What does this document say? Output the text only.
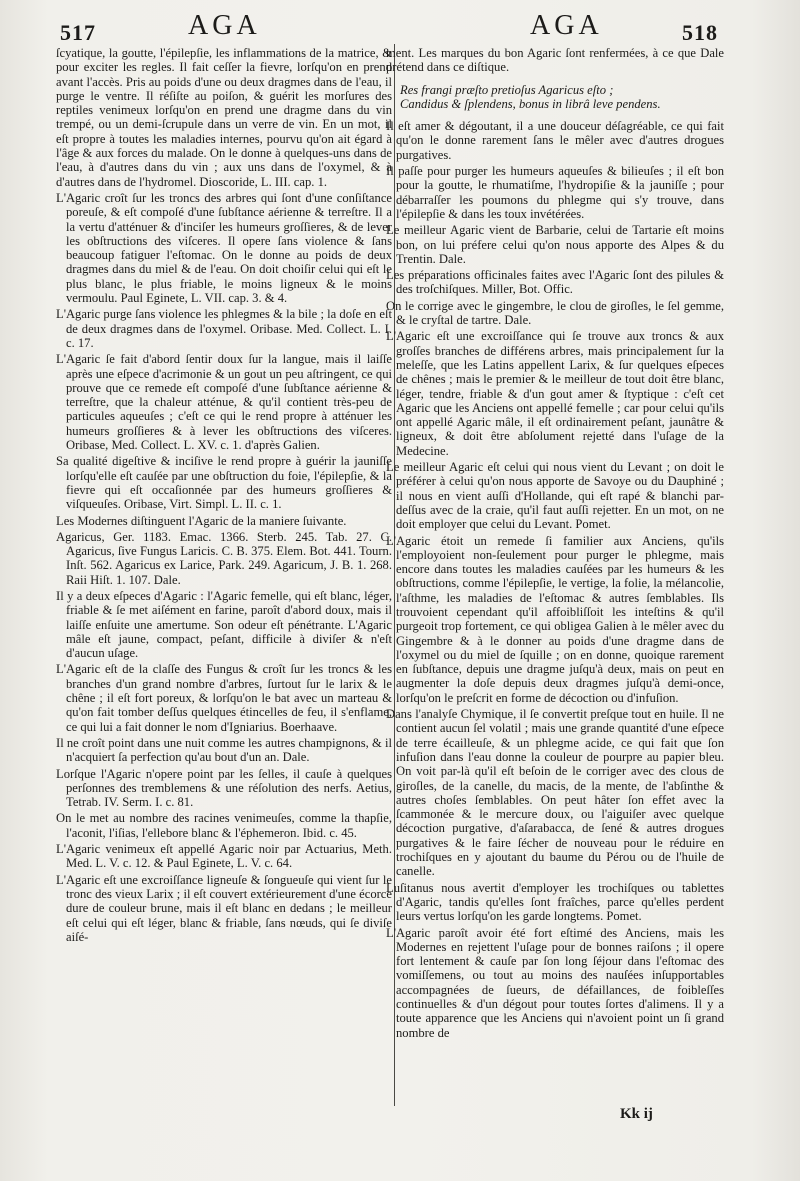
517	AGA	AGA	518

ſcyatique, la goutte, l'épilepſie, les inflammations de la matrice, & pour exciter les regles. Il fait ceſſer la fievre, lorſqu'on en prend avant l'accès. Pris au poids d'une ou deux dragmes dans de l'eau, il purge le ventre. Il réſiſte au poiſon, & guérit les morſures des reptiles venimeux lorſqu'on en prend une dragme dans du vin trempé, ou un demi-ſcrupule dans un verre de vin. En un mot, il eſt propre à toutes les maladies internes, pourvu qu'on ait égard à l'âge & aux forces du malade. On le donne à quelques-uns dans de l'eau, à d'autres dans du vin ; aux uns dans de l'oxymel, & à d'autres dans de l'hydromel. Dioscoride, L. III. cap. 1.

L'Agaric croît ſur les troncs des arbres qui ſont d'une conſiſtance poreuſe, & eſt compoſé d'une ſubſtance aérienne & terreſtre. Il a la vertu d'atténuer & d'inciſer les humeurs groſſieres, & de lever les obſtructions des viſceres. Il opere ſans violence & ſans beaucoup fatiguer l'eſtomac. On le donne au poids de deux dragmes dans du miel & de l'eau. On doit choiſir celui qui eſt le plus blanc, le plus friable, le moins ligneux & le moins vermoulu. Paul Eginete, L. VII. cap. 3. & 4.

L'Agaric purge ſans violence les phlegmes & la bile ; la doſe en eſt de deux dragmes dans de l'oxymel. Oribase. Med. Collect. L. I. c. 17.

L'Agaric ſe fait d'abord ſentir doux ſur la langue, mais il laiſſe après une eſpece d'acrimonie & un gout un peu aſtringent, ce qui prouve que ce remede eſt compoſé d'une ſubſtance aérienne & terreſtre, que la chaleur atténue, & qu'il contient très-peu de particules aqueuſes ; c'eſt ce qui le rend propre à atténuer les humeurs groſſieres & à lever les obſtructions des viſceres. Oribase, Med. Collect. L. XV. c. 1. d'après Galien.

Sa qualité digeſtive & inciſive le rend propre à guérir la jauniſſe lorſqu'elle eſt cauſée par une obſtruction du foie, l'épilepſie, & la fievre qui eſt occaſionnée par des humeurs groſſieres & viſqueuſes. Oribase, Virt. Simpl. L. II. c. 1.

Les Modernes diſtinguent l'Agaric de la maniere ſuivante.

Agaricus, Ger. 1183. Emac. 1366. Sterb. 245. Tab. 27. C. Agaricus, ſive Fungus Laricis. C. B. 375. Elem. Bot. 441. Tourn. Inſt. 562. Agaricus ex Larice, Park. 249. Agaricum, J. B. 1. 268. Raii Hiſt. 1. 107. Dale.

Il y a deux eſpeces d'Agaric : l'Agaric femelle, qui eſt blanc, léger, friable & ſe met aiſément en farine, paroît d'abord doux, mais il laiſſe enſuite une amertume. Son odeur eſt pénétrante. L'Agaric mâle eſt jaune, compact, peſant, difficile à diviſer & n'eſt d'aucun uſage.

L'Agaric eſt de la claſſe des Fungus & croît ſur les troncs & les branches d'un grand nombre d'arbres, ſurtout ſur le larix & le chêne ; il eſt fort poreux, & lorſqu'on le bat avec un marteau & qu'on fait tomber deſſus quelques étincelles de feu, il s'enflame, ce qui lui a fait donner le nom d'Igniarius. Boerhaave.

Il ne croît point dans une nuit comme les autres champignons, & il n'acquiert ſa perfection qu'au bout d'un an. Dale.

Lorſque l'Agaric n'opere point par les ſelles, il cauſe à quelques perſonnes des tremblemens & une réſolution des nerfs. Aetius, Tetrab. IV. Serm. I. c. 81.

On le met au nombre des racines venimeuſes, comme la thapſie, l'aconit, l'iſias, l'ellebore blanc & l'éphemeron. Ibid. c. 45.

L'Agaric venimeux eſt appellé Agaric noir par Actuarius, Meth. Med. L. V. c. 12. & Paul Eginete, L. V. c. 64.

L'Agaric eſt une excroiſſance ligneuſe & ſongueuſe qui vient ſur le tronc des vieux Larix ; il eſt couvert extérieurement d'une écorce dure de couleur brune, mais il eſt blanc en dedans ; le meilleur eſt celui qui eſt léger, blanc & friable, ſans nœuds, qui ſe diviſe aiſé-

ment. Les marques du bon Agaric ſont renfermées, à ce que Dale prétend dans ce diſtique.

Res frangi præſto pretioſus Agaricus eſto ;
Candidus & ſplendens, bonus in librâ leve pendens.

Il eſt amer & dégoutant, il a une douceur déſagréable, ce qui fait qu'on le donne rarement ſans le mêler avec d'autres drogues purgatives.

Il paſſe pour purger les humeurs aqueuſes & bilieuſes ; il eſt bon pour la goutte, le rhumatiſme, l'hydropiſie & la jauniſſe ; pour débarraſſer les poumons du phlegme qui s'y trouve, dans l'épilepſie & dans les toux invétérées.

Le meilleur Agaric vient de Barbarie, celui de Tartarie eſt moins bon, on lui préfere celui qu'on nous apporte des Alpes & du Trentin. Dale.

Les préparations officinales faites avec l'Agaric ſont des pilules & des troſchiſques. Miller, Bot. Offic.

On le corrige avec le gingembre, le clou de giroſles, le ſel gemme, & le cryſtal de tartre. Dale.

L'Agaric eſt une excroiſſance qui ſe trouve aux troncs & aux groſſes branches de différens arbres, mais principalement ſur la meleſſe, que les Latins appellent Larix, & ſur quelques eſpeces de chênes ; mais le premier & le meilleur de tout doit être blanc, léger, tendre, friable & d'un gout amer & ſtyptique : c'eſt cet Agaric que les Anciens ont appellé femelle ; car pour celui qu'ils ont appellé Agaric mâle, il eſt ordinairement peſant, jaunâtre & ligneux, & doit être abſolument rejetté dans l'uſage de la Medecine.

Le meilleur Agaric eſt celui qui nous vient du Levant ; on doit le préférer à celui qu'on nous apporte de Savoye ou du Dauphiné ; il nous en vient auſſi d'Hollande, qui eſt rapé & blanchi par-deſſus avec de la craie, qu'il faut auſſi rejetter. En un mot, on ne doit employer que celui du Levant. Pomet.

L'Agaric étoit un remede ſi familier aux Anciens, qu'ils l'employoient non-ſeulement pour purger le phlegme, mais encore dans toutes les maladies cauſées par les humeurs & les obſtructions, comme l'épilepſie, le vertige, la folie, la mélancolie, l'aſthme, les maladies de l'eſtomac & autres ſemblables. Ils trouvoient cependant qu'il affoibliſſoit les inteſtins & qu'il purgeoit trop fortement, ce qui obligea Galien à le mêler avec du Gingembre & à le donner au poids d'une dragme dans de l'oxymel ou du miel de ſquille ; on en donne, quoique rarement en ſubſtance, depuis une dragme juſqu'à deux, mais on peut en augmenter la doſe depuis deux dragmes juſqu'à demi-once, lorſqu'on le preſcrit en forme de décoction ou d'infuſion.

Dans l'analyſe Chymique, il ſe convertit preſque tout en huile. Il ne contient aucun ſel volatil ; mais une grande quantité d'une eſpece de terre écailleuſe, & un phlegme acide, ce qui fait que ſon infuſion dans l'eau donne la couleur de pourpre au papier bleu. On voit par-là qu'il eſt beſoin de le corriger avec des clous de giroſles, de la canelle, du macis, de la mente, de l'abſinthe & autres choſes ſemblables. On peut hâter ſon effet avec la ſcammonée & le mercure doux, ou l'aiguiſer avec quelque décoction purgative, d'aſarabacca, de ſené & autres drogues purgatives & le faire ſécher de nouveau pour le réduire en trochiſques en y ajoutant du baume du Pérou ou de l'huile de canelle.

Luſitanus nous avertit d'employer les trochiſques ou tablettes d'Agaric, tandis qu'elles ſont fraîches, parce qu'elles perdent leurs vertus lorſqu'on les garde longtems. Pomet.

L'Agaric paroît avoir été fort eſtimé des Anciens, mais les Modernes en rejettent l'uſage pour de bonnes raiſons ; il opere fort lentement & cauſe par ſon long ſéjour dans l'eſtomac des vomiſſemens, ou tout au moins des nauſées inſupportables accompagnées de ſueurs, de défaillances, de foibleſſes continuelles & d'un dégout pour toutes ſortes d'alimens. Il y a toute apparence que les Anciens qui n'avoient point un ſi grand nombre de

Kk ij
